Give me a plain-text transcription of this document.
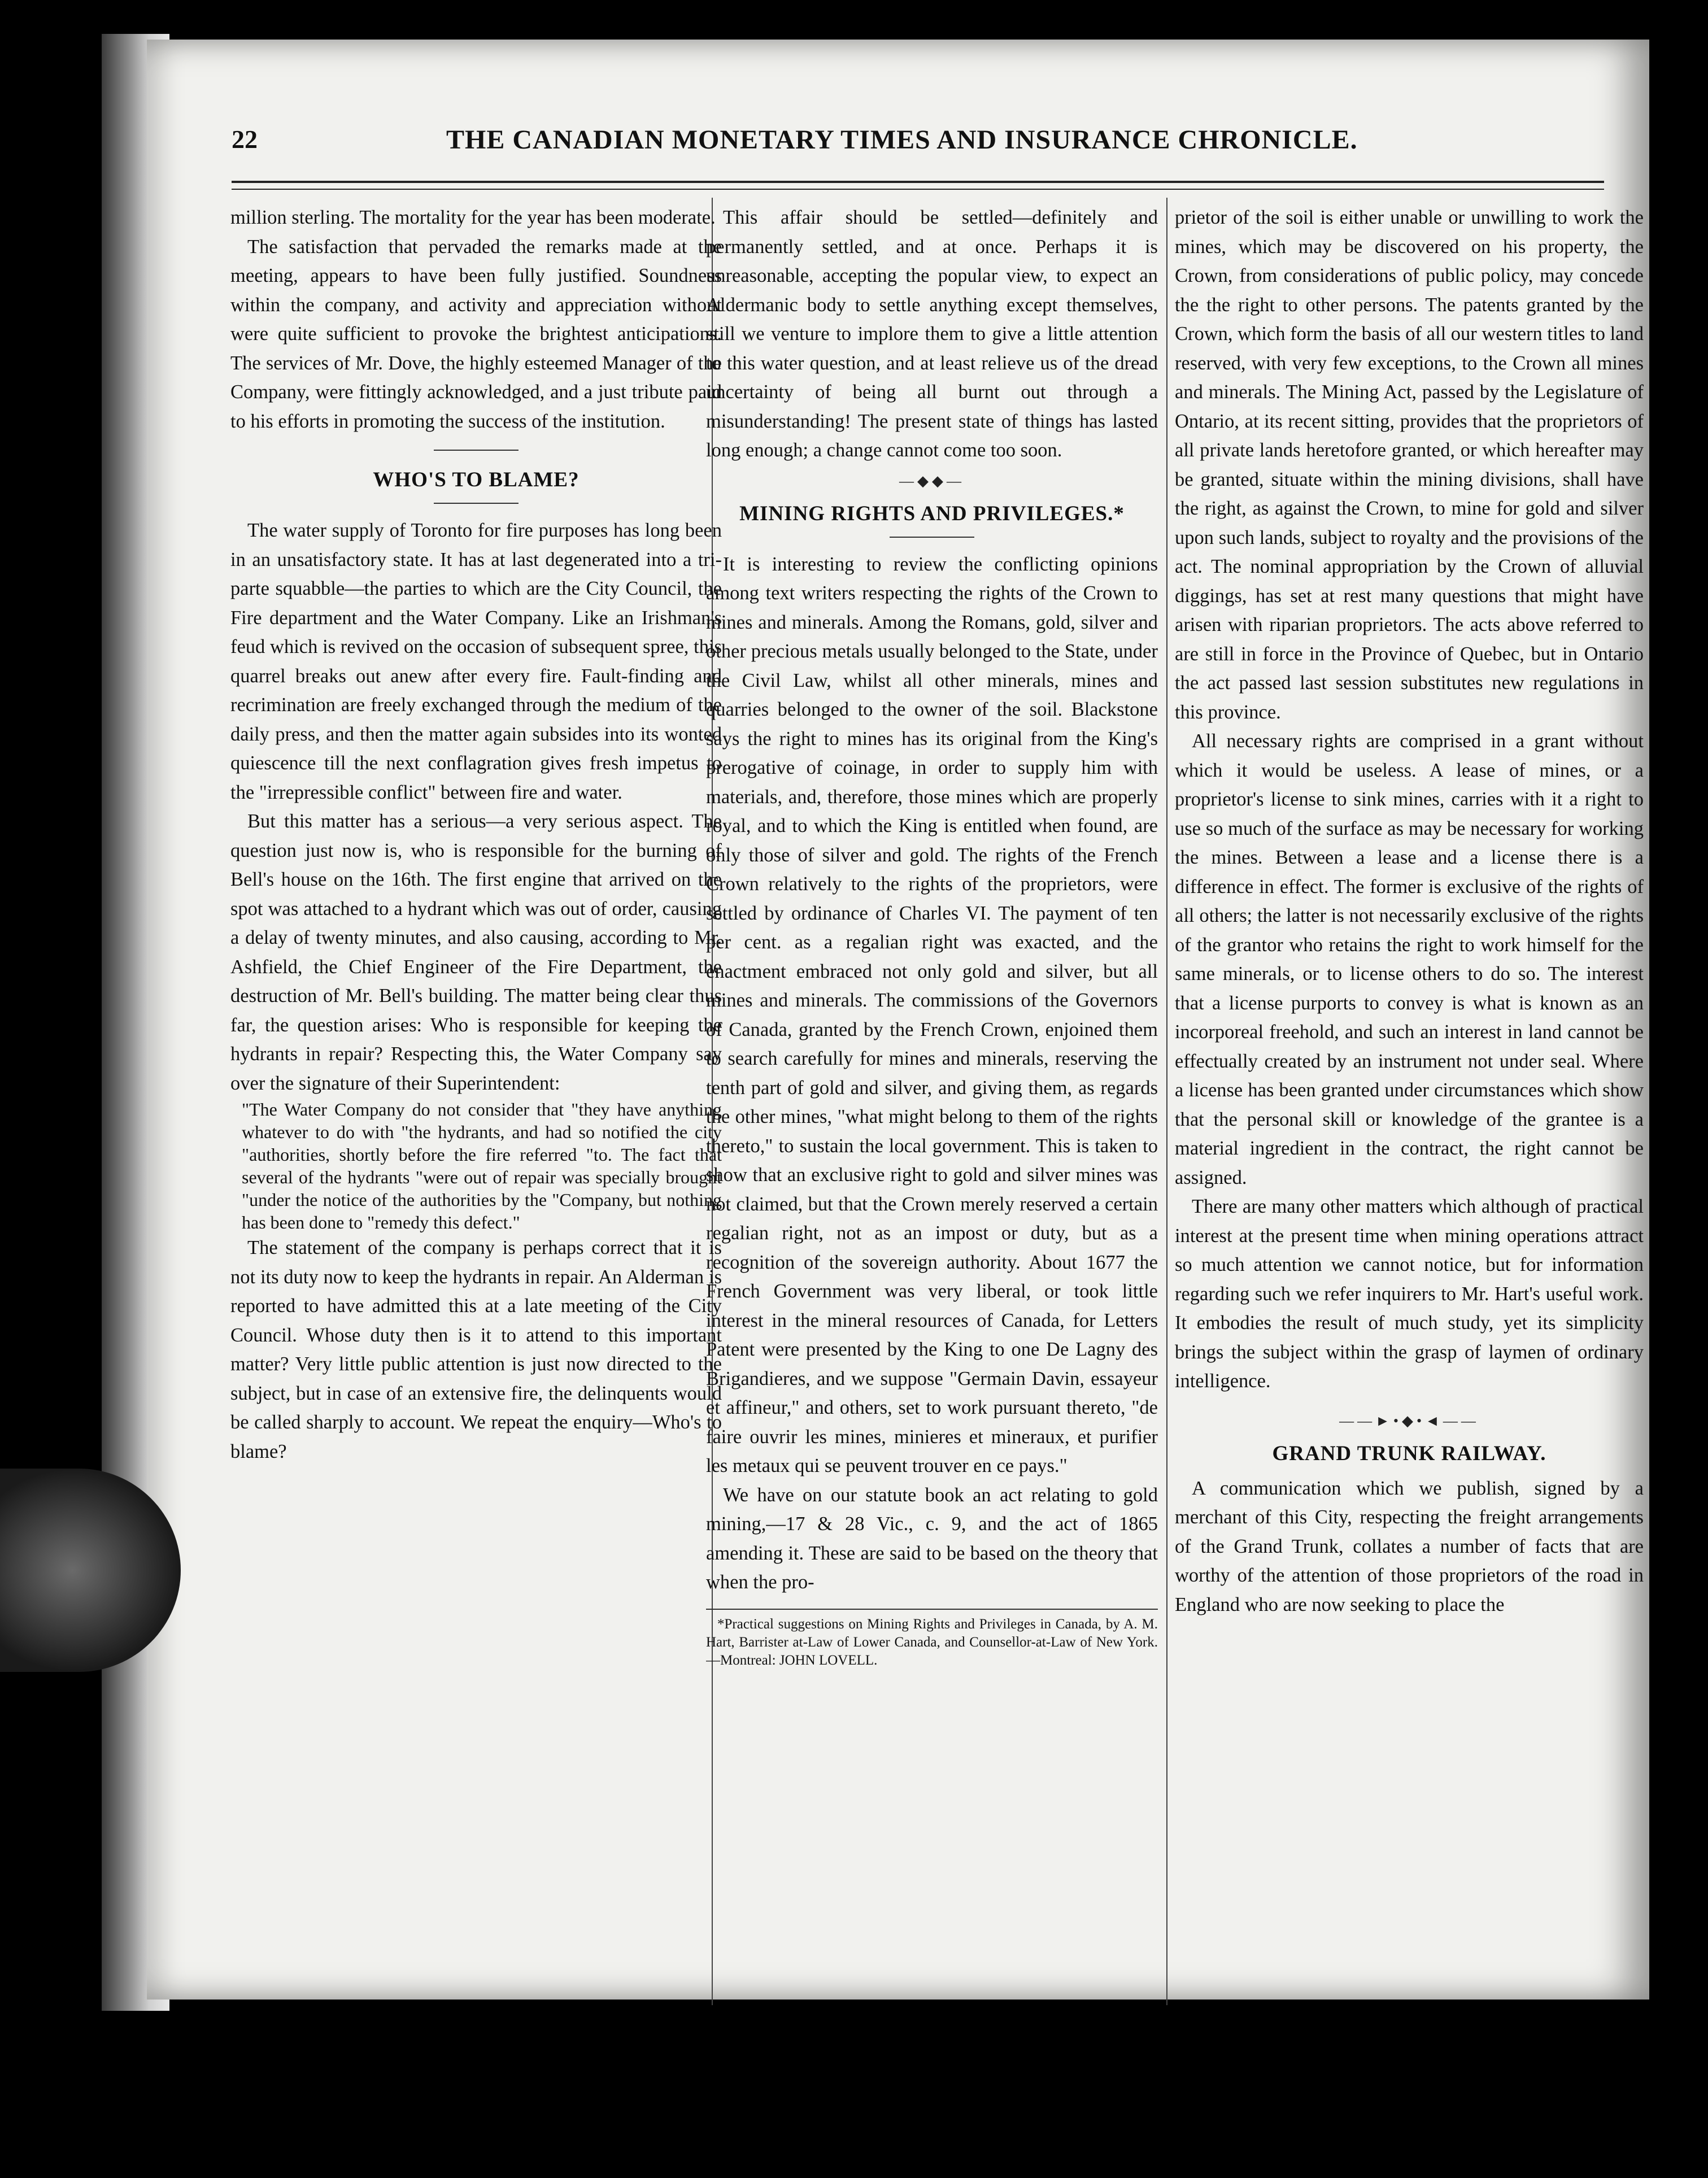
22	THE CANADIAN MONETARY TIMES AND INSURANCE CHRONICLE.

million sterling. The mortality for the year has been moderate.

The satisfaction that pervaded the remarks made at the meeting, appears to have been fully justified. Soundness within the company, and activity and appreciation without were quite sufficient to provoke the brightest anticipations. The services of Mr. Dove, the highly esteemed Manager of the Company, were fittingly acknowledged, and a just tribute paid to his efforts in promoting the success of the institution.

WHO'S TO BLAME?

The water supply of Toronto for fire purposes has long been in an unsatisfactory state. It has at last degenerated into a tri-parte squabble—the parties to which are the City Council, the Fire department and the Water Company. Like an Irishman's feud which is revived on the occasion of subsequent spree, this quarrel breaks out anew after every fire. Fault-finding and recrimination are freely exchanged through the medium of the daily press, and then the matter again subsides into its wonted quiescence till the next conflagration gives fresh impetus to the "irrepressible conflict" between fire and water.

But this matter has a serious—a very serious aspect. The question just now is, who is responsible for the burning of Bell's house on the 16th. The first engine that arrived on the spot was attached to a hydrant which was out of order, causing a delay of twenty minutes, and also causing, according to Mr. Ashfield, the Chief Engineer of the Fire Department, the destruction of Mr. Bell's building. The matter being clear thus far, the question arises: Who is responsible for keeping the hydrants in repair? Respecting this, the Water Company say over the signature of their Superintendent:

"The Water Company do not consider that "they have anything whatever to do with "the hydrants, and had so notified the city "authorities, shortly before the fire referred "to. The fact that several of the hydrants "were out of repair was specially brought "under the notice of the authorities by the "Company, but nothing has been done to "remedy this defect."

The statement of the company is perhaps correct that it is not its duty now to keep the hydrants in repair. An Alderman is reported to have admitted this at a late meeting of the City Council. Whose duty then is it to attend to this important matter? Very little public attention is just now directed to the subject, but in case of an extensive fire, the delinquents would be called sharply to account. We repeat the enquiry—Who's to blame?

This affair should be settled—definitely and permanently settled, and at once. Perhaps it is unreasonable, accepting the popular view, to expect an Aldermanic body to settle anything except themselves, still we venture to implore them to give a little attention to this water question, and at least relieve us of the dread uncertainty of being all burnt out through a misunderstanding! The present state of things has lasted long enough; a change cannot come too soon.

—◆◆—
MINING RIGHTS AND PRIVILEGES.*

It is interesting to review the conflicting opinions among text writers respecting the rights of the Crown to mines and minerals. Among the Romans, gold, silver and other precious metals usually belonged to the State, under the Civil Law, whilst all other minerals, mines and quarries belonged to the owner of the soil. Blackstone says the right to mines has its original from the King's prerogative of coinage, in order to supply him with materials, and, therefore, those mines which are properly royal, and to which the King is entitled when found, are only those of silver and gold. The rights of the French Crown relatively to the rights of the proprietors, were settled by ordinance of Charles VI. The payment of ten per cent. as a regalian right was exacted, and the enactment embraced not only gold and silver, but all mines and minerals. The commissions of the Governors of Canada, granted by the French Crown, enjoined them to search carefully for mines and minerals, reserving the tenth part of gold and silver, and giving them, as regards the other mines, "what might belong to them of the rights thereto," to sustain the local government. This is taken to show that an exclusive right to gold and silver mines was not claimed, but that the Crown merely reserved a certain regalian right, not as an impost or duty, but as a recognition of the sovereign authority. About 1677 the French Government was very liberal, or took little interest in the mineral resources of Canada, for Letters Patent were presented by the King to one De Lagny des Brigandieres, and we suppose "Germain Davin, essayeur et affineur," and others, set to work pursuant thereto, "de faire ouvrir les mines, minieres et mineraux, et purifier les metaux qui se peuvent trouver en ce pays."

We have on our statute book an act relating to gold mining,—17 & 28 Vic., c. 9, and the act of 1865 amending it. These are said to be based on the theory that when the pro-

*Practical suggestions on Mining Rights and Privileges in Canada, by A. M. Hart, Barrister at-Law of Lower Canada, and Counsellor-at-Law of New York. —Montreal: JOHN LOVELL.

prietor of the soil is either unable or unwilling to work the mines, which may be discovered on his property, the Crown, from considerations of public policy, may concede the the right to other persons. The patents granted by the Crown, which form the basis of all our western titles to land reserved, with very few exceptions, to the Crown all mines and minerals. The Mining Act, passed by the Legislature of Ontario, at its recent sitting, provides that the proprietors of all private lands heretofore granted, or which hereafter may be granted, situate within the mining divisions, shall have the right, as against the Crown, to mine for gold and silver upon such lands, subject to royalty and the provisions of the act. The nominal appropriation by the Crown of alluvial diggings, has set at rest many questions that might have arisen with riparian proprietors. The acts above referred to are still in force in the Province of Quebec, but in Ontario the act passed last session substitutes new regulations in this province.

All necessary rights are comprised in a grant without which it would be useless. A lease of mines, or a proprietor's license to sink mines, carries with it a right to use so much of the surface as may be necessary for working the mines. Between a lease and a license there is a difference in effect. The former is exclusive of the rights of all others; the latter is not necessarily exclusive of the rights of the grantor who retains the right to work himself for the same minerals, or to license others to do so. The interest that a license purports to convey is what is known as an incorporeal freehold, and such an interest in land cannot be effectually created by an instrument not under seal. Where a license has been granted under circumstances which show that the personal skill or knowledge of the grantee is a material ingredient in the contract, the right cannot be assigned.

There are many other matters which although of practical interest at the present time when mining operations attract so much attention we cannot notice, but for information regarding such we refer inquirers to Mr. Hart's useful work. It embodies the result of much study, yet its simplicity brings the subject within the grasp of laymen of ordinary intelligence.

——►•◆•◄——
GRAND TRUNK RAILWAY.

A communication which we publish, signed by a merchant of this City, respecting the freight arrangements of the Grand Trunk, collates a number of facts that are worthy of the attention of those proprietors of the road in England who are now seeking to place the
